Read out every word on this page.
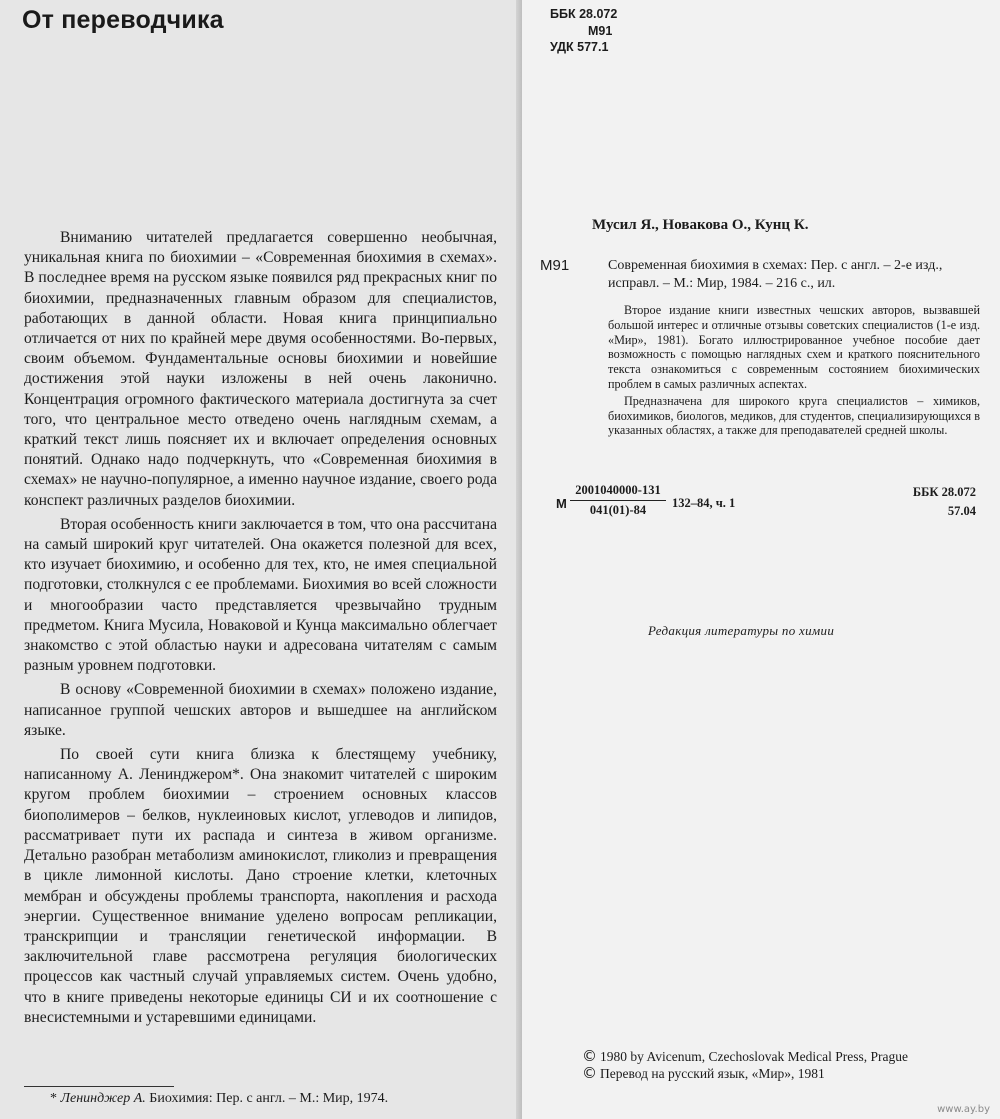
От переводчика

Вниманию читателей предлагается совершенно необычная, уникальная книга по биохимии – «Современная биохимия в схемах». В последнее время на русском языке появился ряд прекрасных книг по биохимии, предназначенных главным образом для специалистов, работающих в данной области. Новая книга принципиально отличается от них по крайней мере двумя особенностями. Во-первых, своим объемом. Фундаментальные основы биохимии и новейшие достижения этой науки изложены в ней очень лаконично. Концентрация огромного фактического материала достигнута за счет того, что центральное место отведено очень наглядным схемам, а краткий текст лишь поясняет их и включает определения основных понятий. Однако надо подчеркнуть, что «Современная биохимия в схемах» не научно-популярное, а именно научное издание, своего рода конспект различных разделов биохимии.

Вторая особенность книги заключается в том, что она рассчитана на самый широкий круг читателей. Она окажется полезной для всех, кто изучает биохимию, и особенно для тех, кто, не имея специальной подготовки, столкнулся с ее проблемами. Биохимия во всей сложности и многообразии часто представляется чрезвычайно трудным предметом. Книга Мусила, Новаковой и Кунца максимально облегчает знакомство с этой областью науки и адресована читателям с самым разным уровнем подготовки.

В основу «Современной биохимии в схемах» положено издание, написанное группой чешских авторов и вышедшее на английском языке.

По своей сути книга близка к блестящему учебнику, написанному А. Ленинджером*. Она знакомит читателей с широким кругом проблем биохимии – строением основных классов биополимеров – белков, нуклеиновых кислот, углеводов и липидов, рассматривает пути их распада и синтеза в живом организме. Детально разобран метаболизм аминокислот, гликолиз и превращения в цикле лимонной кислоты. Дано строение клетки, клеточных мембран и обсуждены проблемы транспорта, накопления и расхода энергии. Существенное внимание уделено вопросам репликации, транскрипции и трансляции генетической информации. В заключительной главе рассмотрена регуляция биологических процессов как частный случай управляемых систем. Очень удобно, что в книге приведены некоторые единицы СИ и их соотношение с внесистемными и устаревшими единицами.

* Ленинджер А. Биохимия: Пер. с англ. – М.: Мир, 1974.
ББК 28.072
М91
УДК 577.1
Мусил Я., Новакова О., Кунц К.
М91	Современная биохимия в схемах: Пер. с англ. – 2-е изд., исправл. – М.: Мир, 1984. – 216 с., ил.

Второе издание книги известных чешских авторов, вызвавшей большой интерес и отличные отзывы советских специалистов (1-е изд. «Мир», 1981). Богато иллюстрированное учебное пособие дает возможность с помощью наглядных схем и краткого пояснительного текста ознакомиться с современным состоянием биохимических проблем в самых различных аспектах.

Предназначена для широкого круга специалистов – химиков, биохимиков, биологов, медиков, для студентов, специализирующихся в указанных областях, а также для преподавателей средней школы.

М $\frac{2001040000-131}{041(01)-84} 132-84$, ч. 1
ББК 28.072
57.04
Редакция литературы по химии
© 1980 by Avicenum, Czechoslovak Medical Press, Prague
© Перевод на русский язык, «Мир», 1981
www.ay.by
